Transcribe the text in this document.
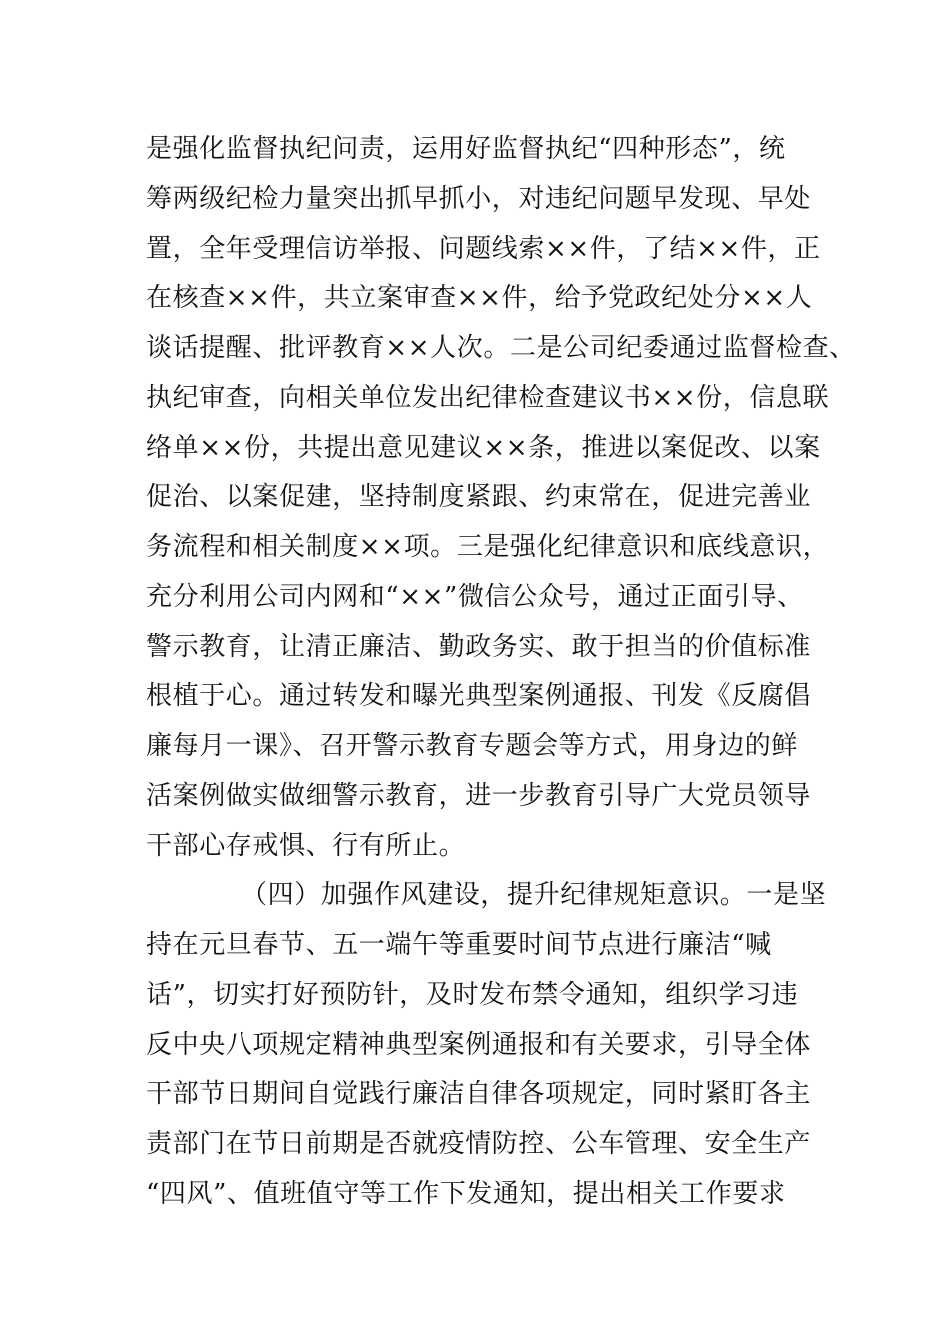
是强化监督执纪问责，运用好监督执纪“四种形态”，统
筹两级纪检力量突出抓早抓小，对违纪问题早发现、早处
置，全年受理信访举报、问题线索××件，了结××件，正
在核查××件，共立案审查××件，给予党政纪处分××人
谈话提醒、批评教育××人次。二是公司纪委通过监督检查、
执纪审查，向相关单位发出纪律检查建议书××份，信息联
络单××份，共提出意见建议××条，推进以案促改、以案
促治、以案促建，坚持制度紧跟、约束常在，促进完善业
务流程和相关制度××项。三是强化纪律意识和底线意识，
充分利用公司内网和“××”微信公众号，通过正面引导、
警示教育，让清正廉洁、勤政务实、敢于担当的价值标准
根植于心。通过转发和曝光典型案例通报、刊发《反腐倡
廉每月一课》、召开警示教育专题会等方式，用身边的鲜
活案例做实做细警示教育，进一步教育引导广大党员领导
干部心存戒惧、行有所止。
（四）加强作风建设，提升纪律规矩意识。一是坚
持在元旦春节、五一端午等重要时间节点进行廉洁“喊
话”，切实打好预防针，及时发布禁令通知，组织学习违
反中央八项规定精神典型案例通报和有关要求，引导全体
干部节日期间自觉践行廉洁自律各项规定，同时紧盯各主
责部门在节日前期是否就疫情防控、公车管理、安全生产
“四风”、值班值守等工作下发通知，提出相关工作要求
